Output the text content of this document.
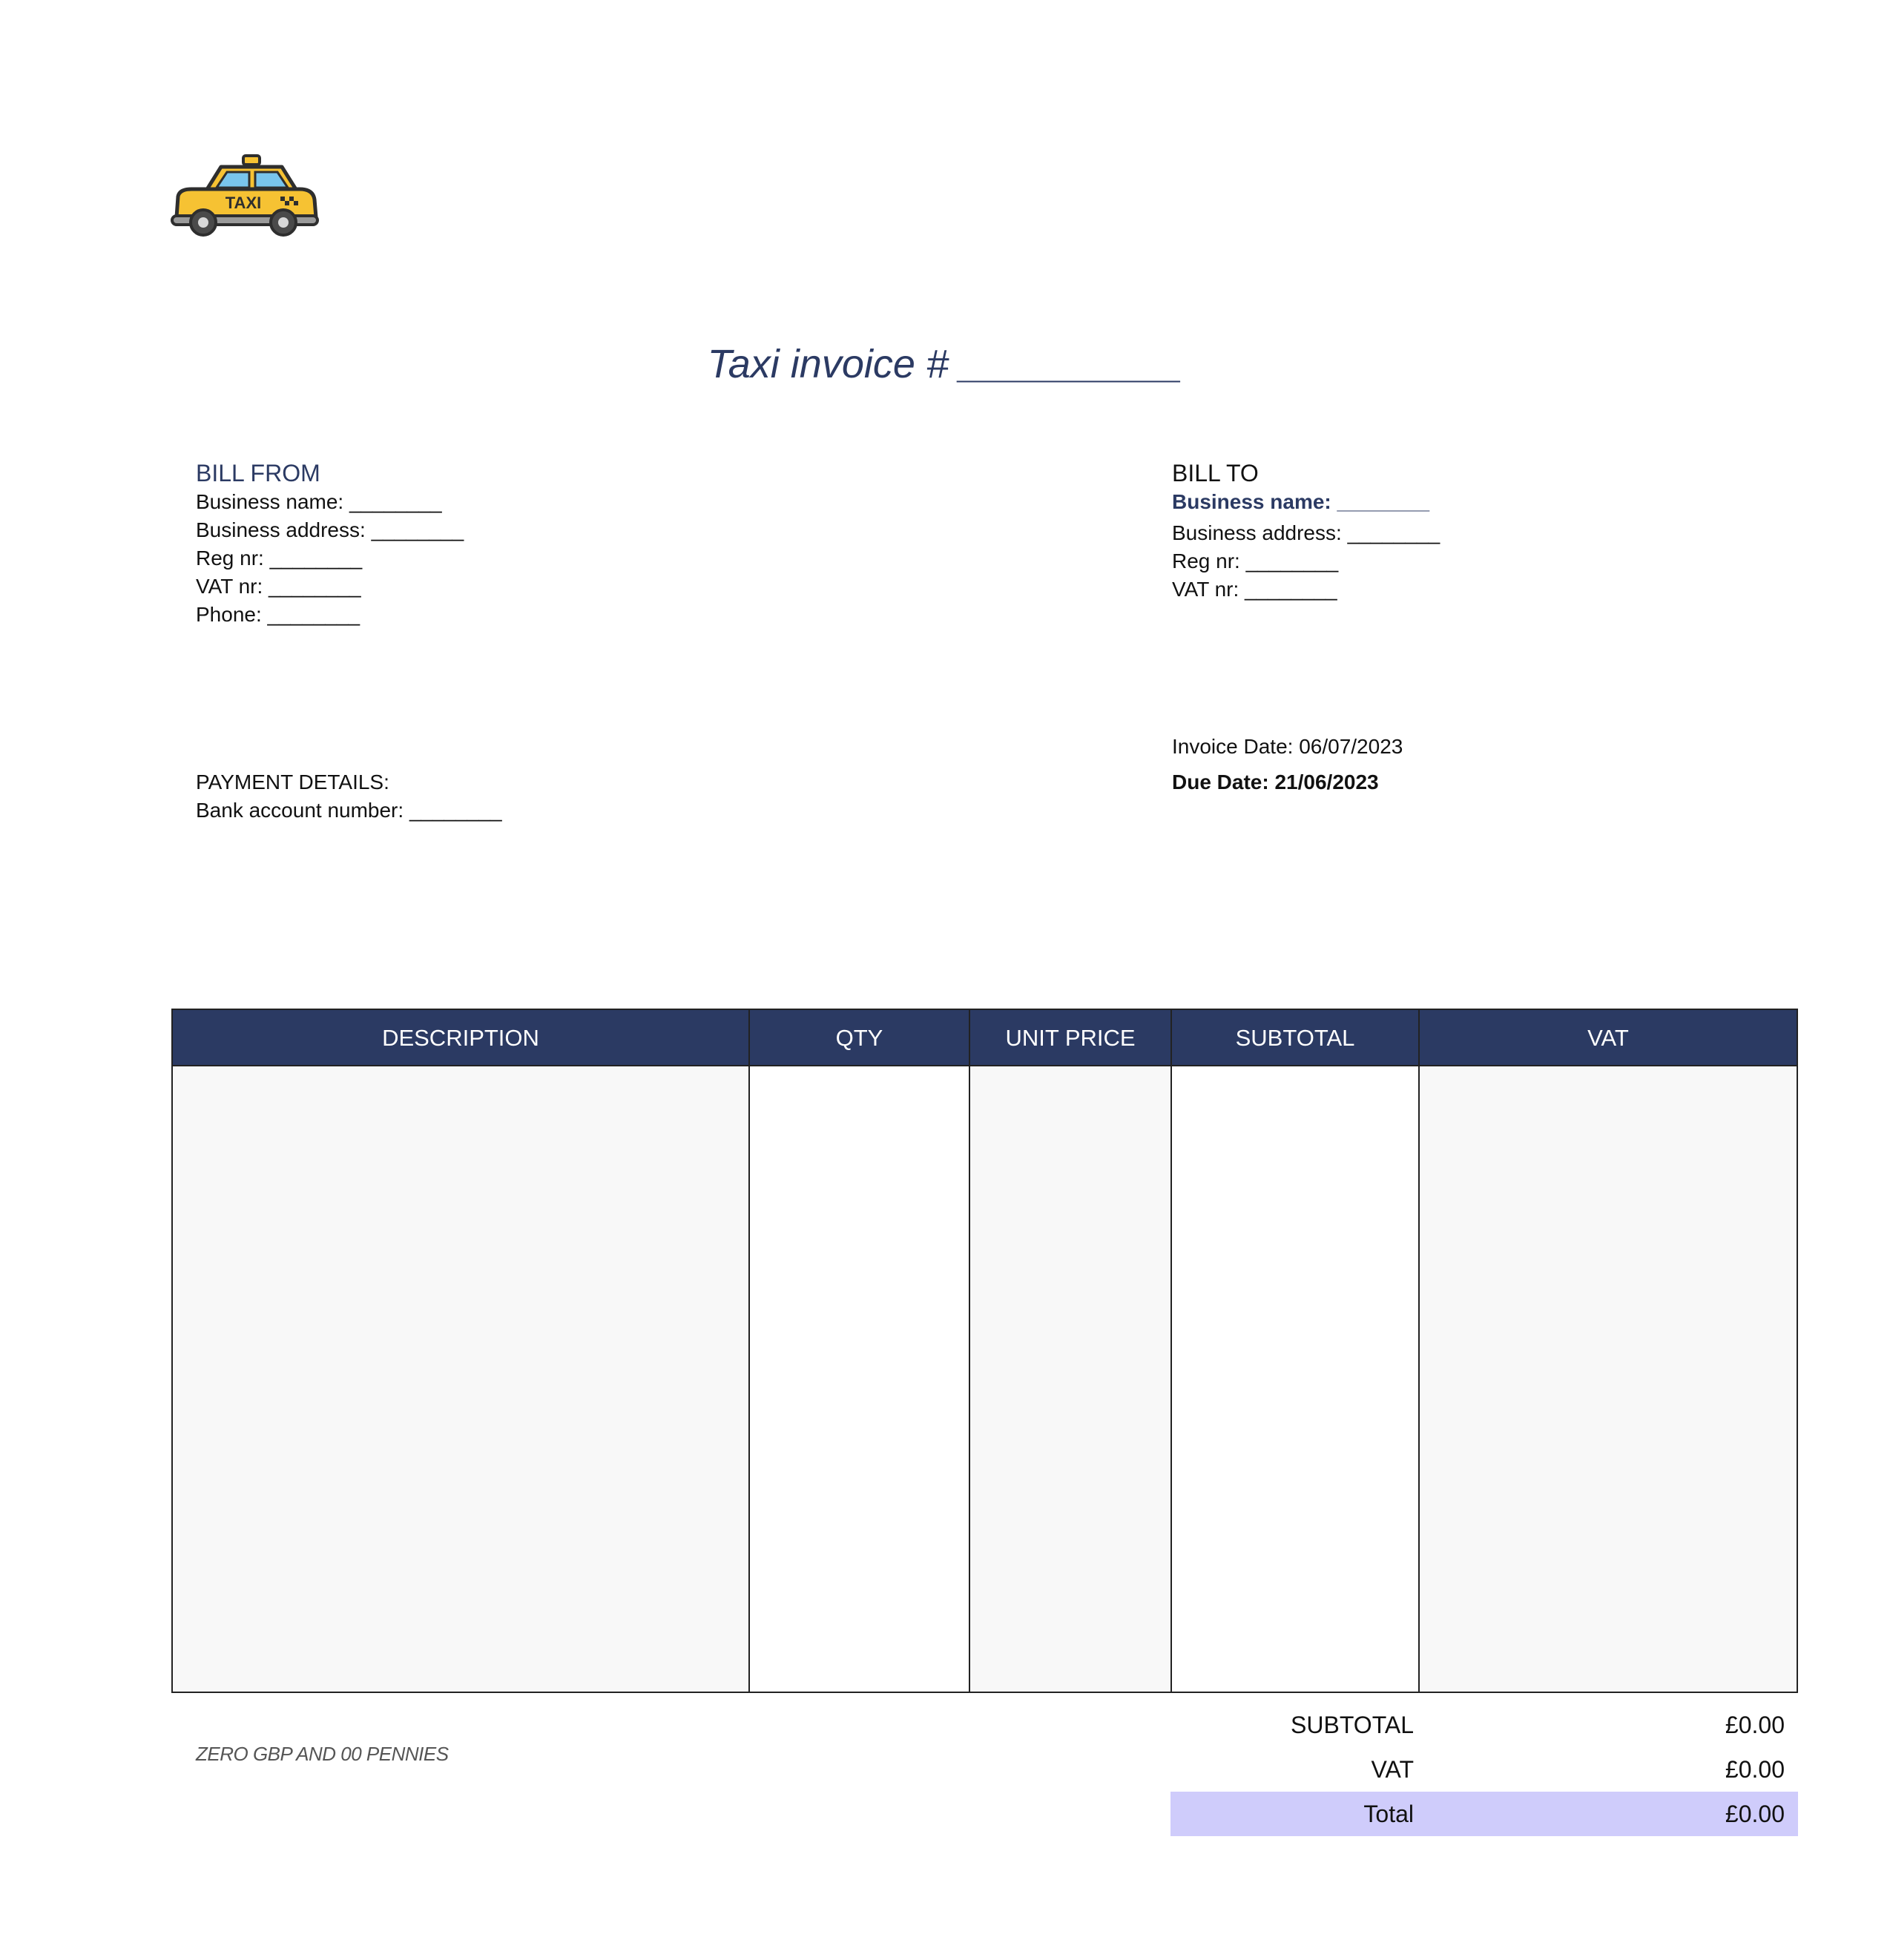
TAXI
Taxi invoice # __________
BILL FROM
Business name: ________
Business address: ________
Reg nr: ________
VAT nr: ________
Phone: ________
BILL TO
Business name: ________
Business address: ________
Reg nr: ________
VAT nr: ________
PAYMENT DETAILS:
Bank account number: ________
Invoice Date: 06/07/2023
Due Date: 21/06/2023
DESCRIPTION	QTY	UNIT PRICE	SUBTOTAL	VAT
ZERO GBP AND 00 PENNIES
SUBTOTAL	£0.00
VAT	£0.00
Total	£0.00
